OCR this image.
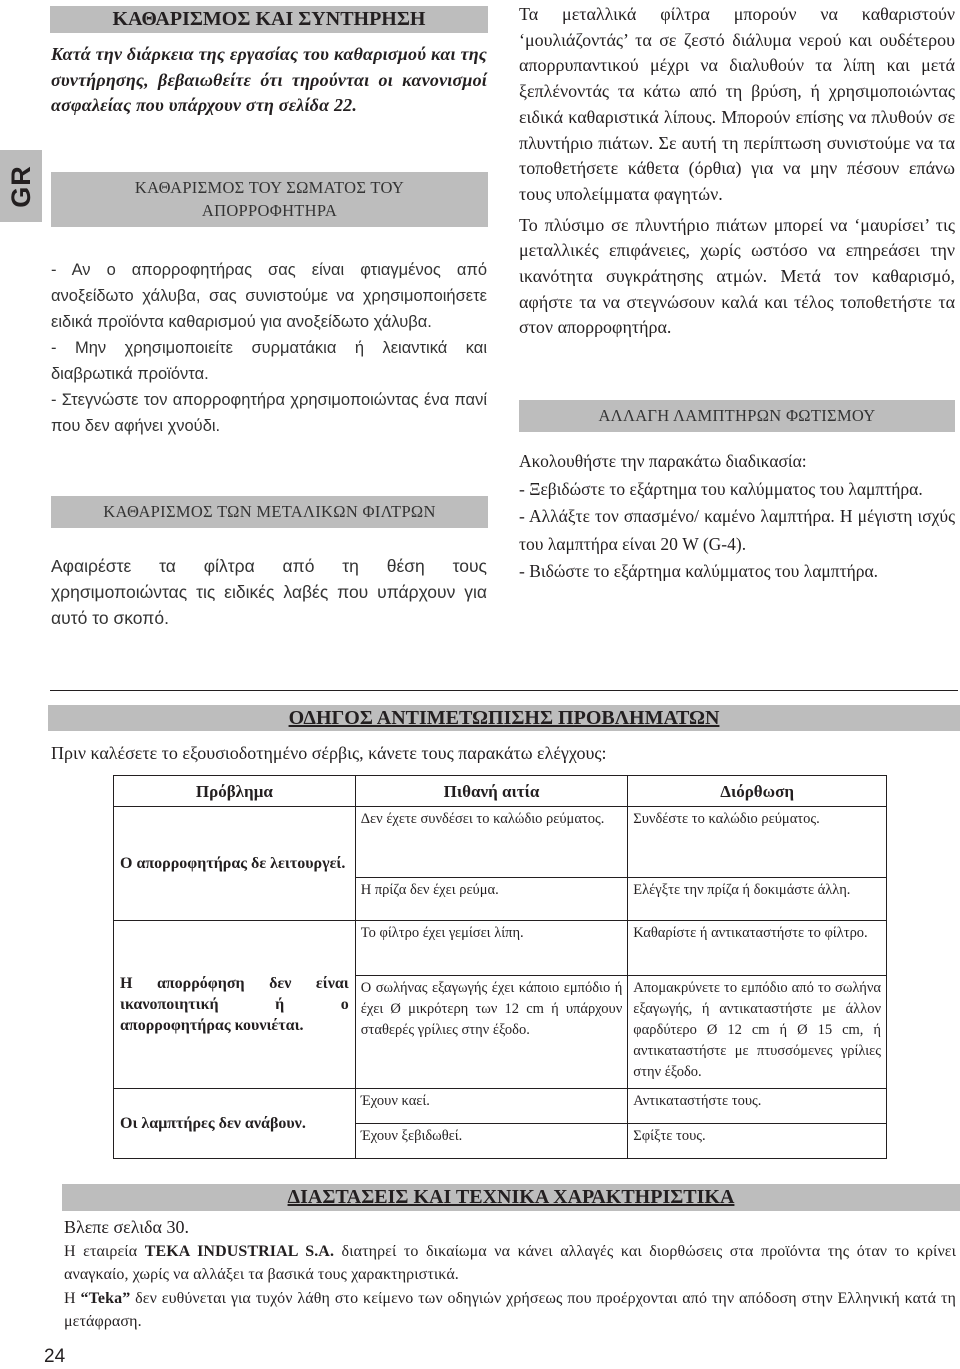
GR
ΚΑΘΑΡΙΣΜΟΣ ΚΑΙ ΣΥΝΤΗΡΗΣΗ
Κατά την διάρκεια της εργασίας του καθαρισμού και της συντήρησης, βεβαιωθείτε ότι τηρούνται οι κανονισμοί ασφαλείας που υπάρχουν στη σελίδα 22.
ΚΑΘΑΡΙΣΜΟΣ ΤΟΥ ΣΩΜΑΤΟΣ ΤΟΥ
ΑΠΟΡΡΟΦΗΤΗΡΑ

- Αν ο απορροφητήρας σας είναι φτιαγμένος από ανοξείδωτο χάλυβα, σας συνιστούμε να χρησιμοποιήσετε ειδικά προϊόντα καθαρισμού για ανοξείδωτο χάλυβα.

- Μην χρησιμοποιείτε συρματάκια ή λειαντικά και διαβρωτικά προϊόντα.

- Στεγνώστε τον απορροφητήρα χρησιμοποιώντας ένα πανί που δεν αφήνει χνούδι.

ΚΑΘΑΡΙΣΜΟΣ ΤΩΝ ΜΕΤΑΛΙΚΩΝ ΦΙΛΤΡΩΝ
Αφαιρέστε τα φίλτρα από τη θέση τους χρησιμοποιώντας τις ειδικές λαβές που υπάρχουν για αυτό το σκοπό.

Τα μεταλλικά φίλτρα μπορούν να καθαριστούν ‘μουλιάζοντάς’ τα σε ζεστό διάλυμα νερού και ουδέτερου απορρυπαντικού μέχρι να διαλυθούν τα λίπη και μετά ξεπλένοντάς τα κάτω από τη βρύση, ή χρησιμοποιώντας ειδικά καθαριστικά λίπους. Μπορούν επίσης να πλυθούν σε πλυντήριο πιάτων. Σε αυτή τη περίπτωση συνιστούμε να τα τοποθετήσετε κάθετα (όρθια) για να μην πέσουν επάνω τους υπολείμματα φαγητών.

Το πλύσιμο σε πλυντήριο πιάτων μπορεί να ‘μαυρίσει’ τις μεταλλικές επιφάνειες, χωρίς ωστόσο να επηρεάσει την ικανότητα συγκράτησης ατμών. Μετά τον καθαρισμό, αφήστε τα να στεγνώσουν καλά και τέλος τοποθετήστε τα στον απορροφητήρα.

ΑΛΛΑΓΗ ΛΑΜΠΤΗΡΩΝ ΦΩΤΙΣΜΟΥ

Ακολουθήστε την παρακάτω διαδικασία:

- Ξεβιδώστε το εξάρτημα του καλύμματος του λαμπτήρα.

- Αλλάξτε τον σπασμένο/ καμένο λαμπτήρα. Η μέγιστη ισχύς του λαμπτήρα είναι 20 W (G-4).

- Βιδώστε το εξάρτημα καλύμματος του λαμπτήρα.

ΟΔΗΓΟΣ ΑΝΤΙΜΕΤΩΠΙΣΗΣ ΠΡΟΒΛΗΜΑΤΩΝ
Πριν καλέσετε το εξουσιοδοτημένο σέρβις, κάνετε τους παρακάτω ελέγχους:
Πρόβλημα	Πιθανή αιτία	Διόρθωση
Ο απορροφητήρας δε λειτουργεί.	Δεν έχετε συνδέσει το καλώδιο ρεύματος.	Συνδέστε το καλώδιο ρεύματος.
	Η πρίζα δεν έχει ρεύμα.	Ελέγξτε την πρίζα ή δοκιμάστε άλλη.
Η απορρόφηση δεν είναι ικανοποιητική ή ο απορροφητήρας κουνιέται.	Το φίλτρο έχει γεμίσει λίπη.	Καθαρίστε ή αντικαταστήστε το φίλτρο.
	Ο σωλήνας εξαγωγής έχει κάποιο εμπόδιο ή έχει Ø μικρότερη των 12 cm ή υπάρχουν σταθερές γρίλιες στην έξοδο.	Απομακρύνετε το εμπόδιο από το σωλήνα εξαγωγής, ή αντικαταστήστε με άλλον φαρδύτερο Ø 12 cm ή Ø 15 cm, ή αντικαταστήστε με πτυσσόμενες γρίλιες στην έξοδο.
Οι λαμπτήρες δεν ανάβουν.	Έχουν καεί.	Αντικαταστήστε τους.
	Έχουν ξεβιδωθεί.	Σφίξτε τους.
ΔΙΑΣΤΑΣΕΙΣ ΚΑΙ ΤΕΧΝΙΚΑ ΧΑΡΑΚΤΗΡΙΣΤΙΚΑ
Βλεπε σελιδα 30.
Η εταιρεία TEKA INDUSTRIAL S.A. διατηρεί το δικαίωμα να κάνει αλλαγές και διορθώσεις στα προϊόντα της όταν το κρίνει αναγκαίο, χωρίς να αλλάξει τα βασικά τους χαρακτηριστικά.
Η “Teka” δεν ευθύνεται για τυχόν λάθη στο κείμενο των οδηγιών χρήσεως που προέρχονται από την απόδοση στην Ελληνική κατά τη μετάφραση.
24
